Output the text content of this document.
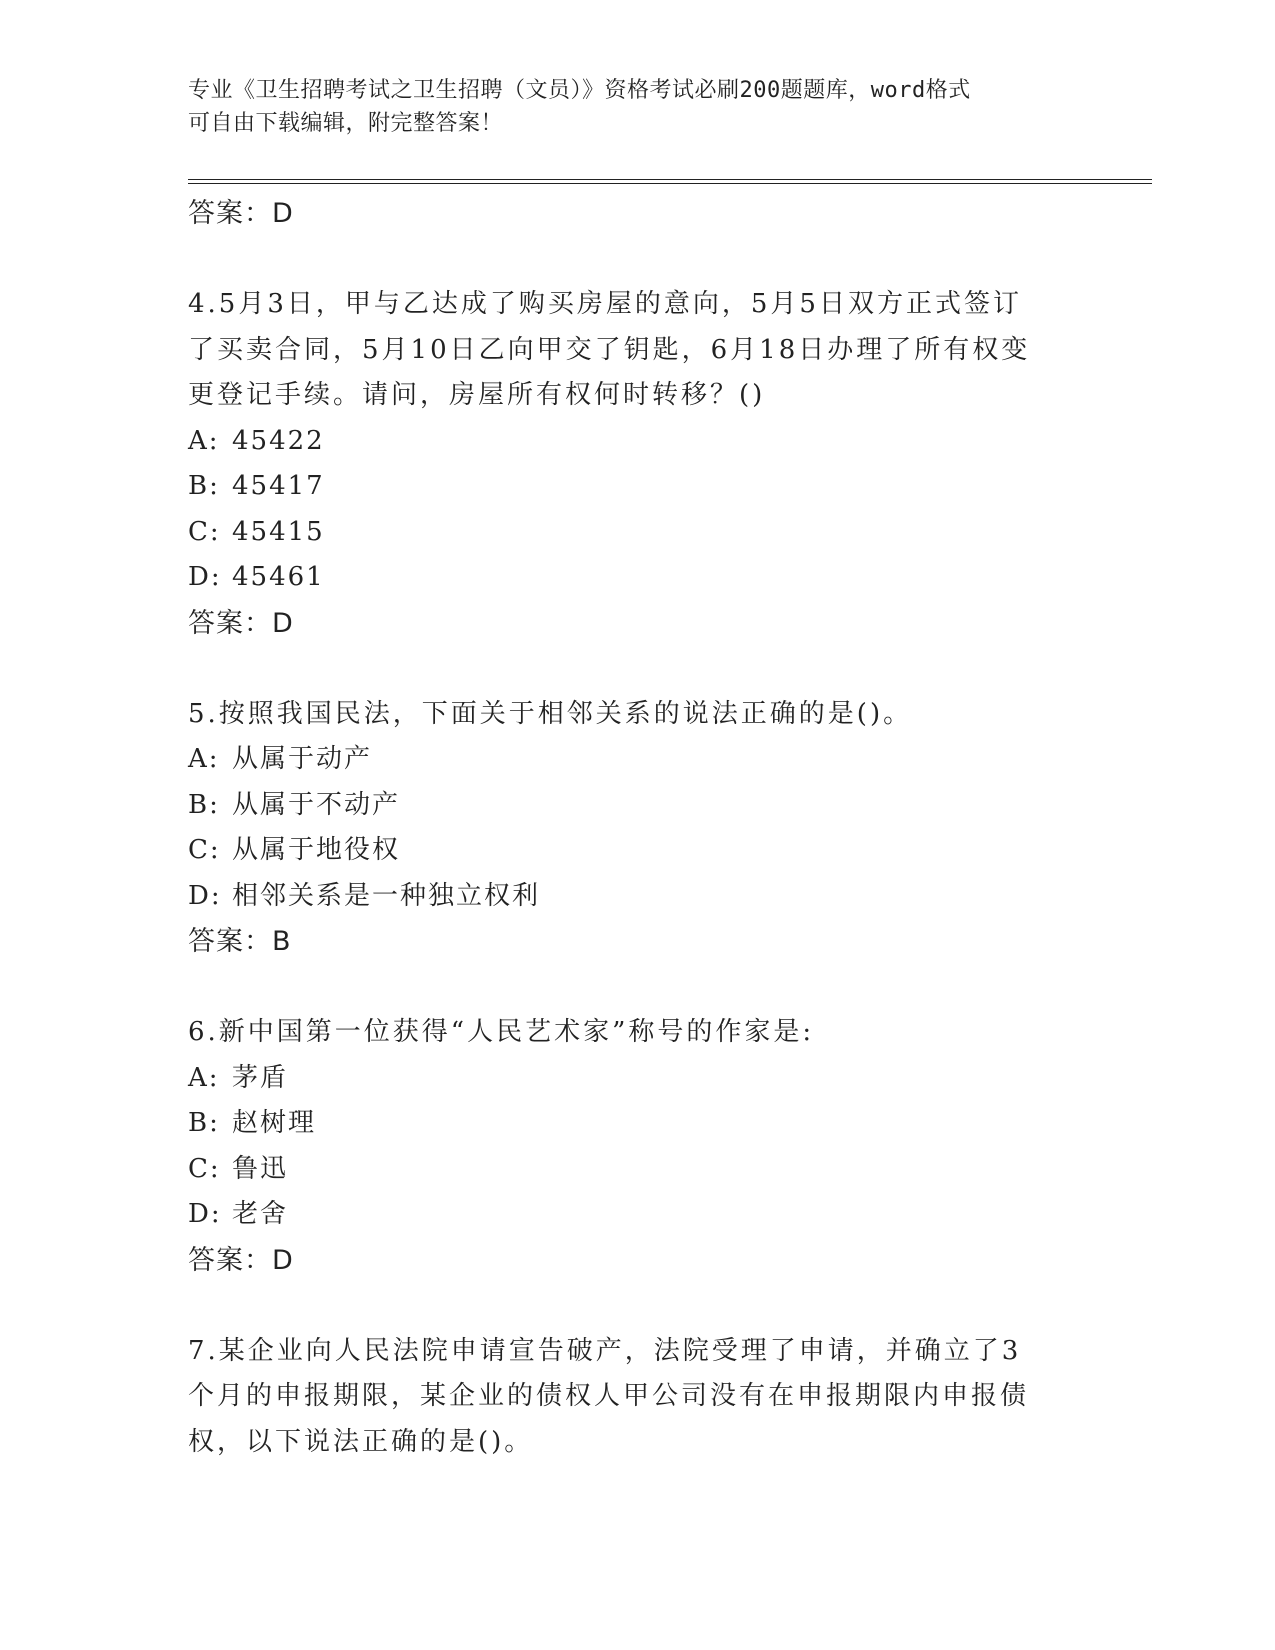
专业《卫生招聘考试之卫生招聘（文员）》资格考试必刷200题题库，word格式
可自由下载编辑，附完整答案！
答案：D
4.5月3日，甲与乙达成了购买房屋的意向，5月5日双方正式签订了买卖合同，5月10日乙向甲交了钥匙，6月18日办理了所有权变更登记手续。请问，房屋所有权何时转移？()
A: 45422
B: 45417
C: 45415
D: 45461
答案：D
5.按照我国民法，下面关于相邻关系的说法正确的是()。
A: 从属于动产
B: 从属于不动产
C: 从属于地役权
D: 相邻关系是一种独立权利
答案：B
6.新中国第一位获得“人民艺术家”称号的作家是:
A: 茅盾
B: 赵树理
C: 鲁迅
D: 老舍
答案：D
7.某企业向人民法院申请宣告破产，法院受理了申请，并确立了3个月的申报期限，某企业的债权人甲公司没有在申报期限内申报债权，以下说法正确的是()。
